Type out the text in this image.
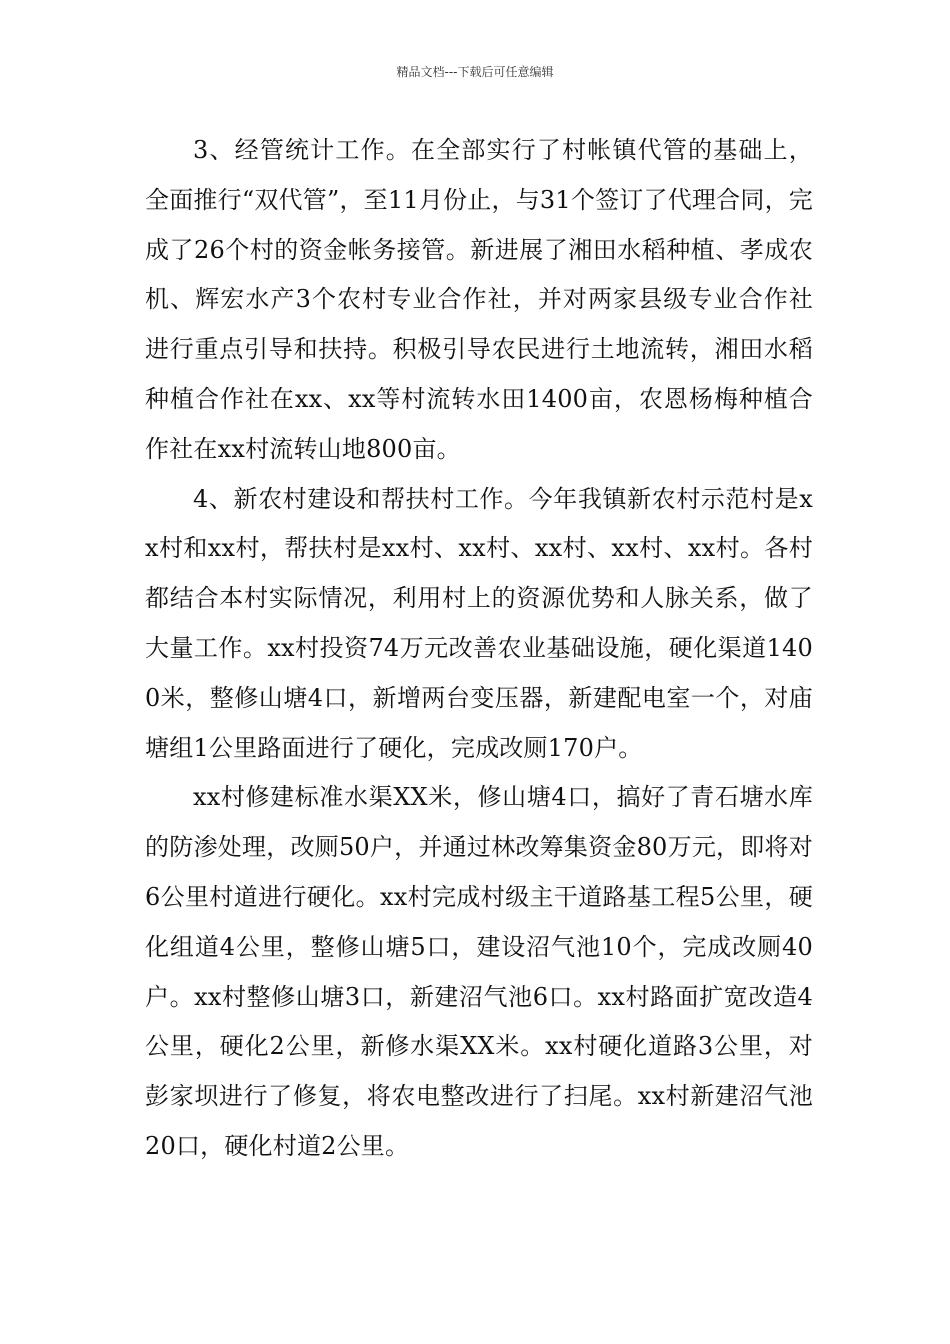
精品文档---下载后可任意编辑

3、经管统计工作。在全部实行了村帐镇代管的基础上，全面推行“双代管”，至11月份止，与31个签订了代理合同，完成了26个村的资金帐务接管。新进展了湘田水稻种植、孝成农机、辉宏水产3个农村专业合作社，并对两家县级专业合作社进行重点引导和扶持。积极引导农民进行土地流转，湘田水稻种植合作社在xx、xx等村流转水田1400亩，农恩杨梅种植合作社在xx村流转山地800亩。

4、新农村建设和帮扶村工作。今年我镇新农村示范村是xx村和xx村，帮扶村是xx村、xx村、xx村、xx村、xx村。各村都结合本村实际情况，利用村上的资源优势和人脉关系，做了大量工作。xx村投资74万元改善农业基础设施，硬化渠道1400米，整修山塘4口，新增两台变压器，新建配电室一个，对庙塘组1公里路面进行了硬化，完成改厕170户。

xx村修建标准水渠XX米，修山塘4口，搞好了青石塘水库的防渗处理，改厕50户，并通过林改筹集资金80万元，即将对6公里村道进行硬化。xx村完成村级主干道路基工程5公里，硬化组道4公里，整修山塘5口，建设沼气池10个，完成改厕40户。xx村整修山塘3口，新建沼气池6口。xx村路面扩宽改造4公里，硬化2公里，新修水渠XX米。xx村硬化道路3公里，对彭家坝进行了修复，将农电整改进行了扫尾。xx村新建沼气池20口，硬化村道2公里。
